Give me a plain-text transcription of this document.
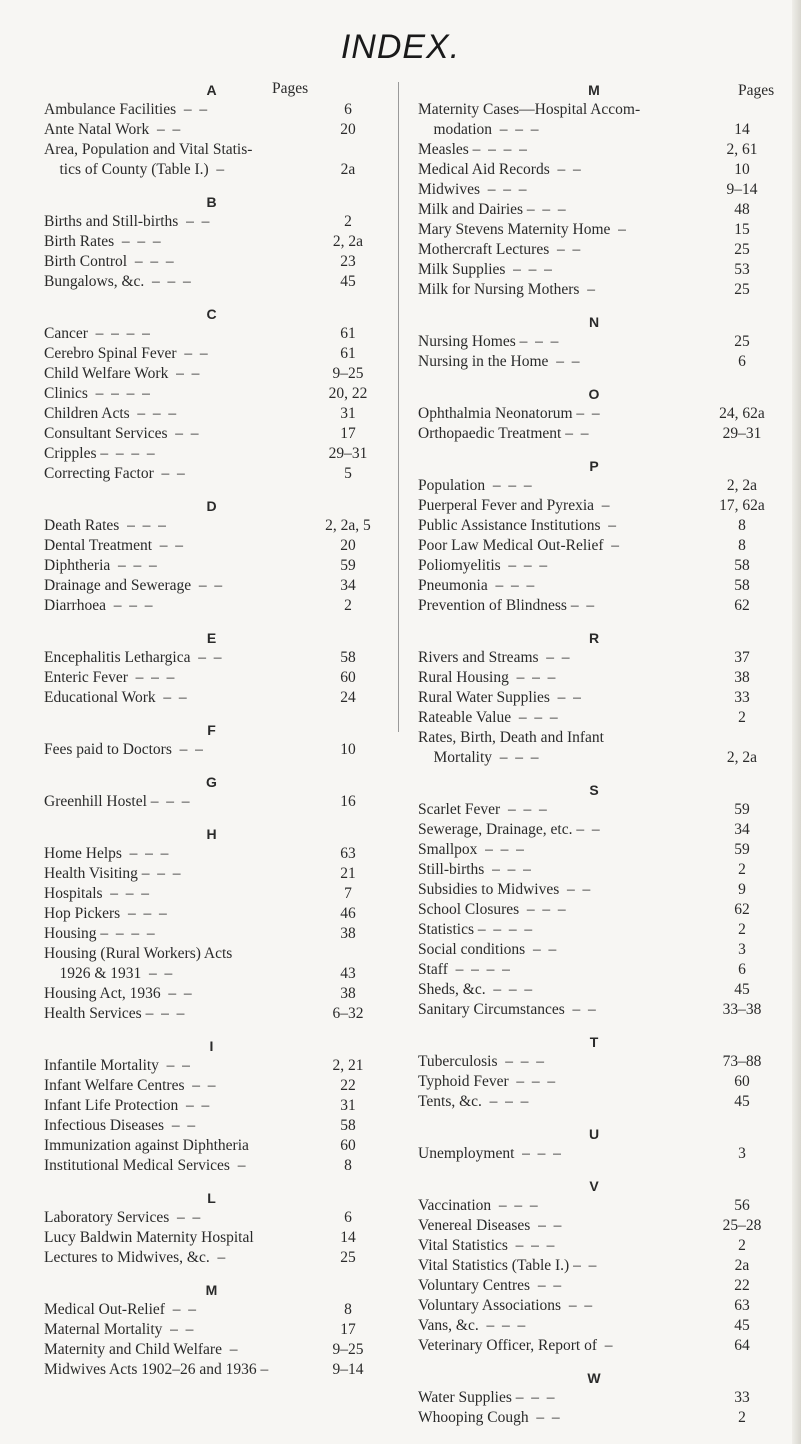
INDEX.
Pages	Pages
A
Ambulance Facilities  –  –	6
Ante Natal Work  –  –	20
Area, Population and Vital Statis-
tics of County (Table I.)  –	2a
B
Births and Still-births  –  –	2
Birth Rates  –  –  –	2, 2a
Birth Control  –  –  –	23
Bungalows, &c.  –  –  –	45
C
Cancer  –  –  –  –	61
Cerebro Spinal Fever  –  –	61
Child Welfare Work  –  –	9–25
Clinics  –  –  –  –	20, 22
Children Acts  –  –  –	31
Consultant Services  –  –	17
Cripples –  –  –  –	29–31
Correcting Factor  –  –	5
D
Death Rates  –  –  –	2, 2a, 5
Dental Treatment  –  –	20
Diphtheria  –  –  –	59
Drainage and Sewerage  –  –	34
Diarrhoea  –  –  –	2
E
Encephalitis Lethargica  –  –	58
Enteric Fever  –  –  –	60
Educational Work  –  –	24
F
Fees paid to Doctors  –  –	10
G
Greenhill Hostel –  –  –	16
H
Home Helps  –  –  –	63
Health Visiting –  –  –	21
Hospitals  –  –  –	7
Hop Pickers  –  –  –	46
Housing –  –  –  –	38
Housing (Rural Workers) Acts
1926 & 1931  –  –	43
Housing Act, 1936  –  –	38
Health Services –  –  –	6–32
I
Infantile Mortality  –  –	2, 21
Infant Welfare Centres  –  –	22
Infant Life Protection  –  –	31
Infectious Diseases  –  –	58
Immunization against Diphtheria	60
Institutional Medical Services  –	8
L
Laboratory Services  –  –	6
Lucy Baldwin Maternity Hospital	14
Lectures to Midwives, &c.  –	25
M
Medical Out-Relief  –  –	8
Maternal Mortality  –  –	17
Maternity and Child Welfare  –	9–25
Midwives Acts 1902–26 and 1936 –	9–14
M
Maternity Cases—Hospital Accom-
modation  –  –  –	14
Measles –  –  –  –	2, 61
Medical Aid Records  –  –	10
Midwives  –  –  –	9–14
Milk and Dairies –  –  –	48
Mary Stevens Maternity Home  –	15
Mothercraft Lectures  –  –	25
Milk Supplies  –  –  –	53
Milk for Nursing Mothers  –	25
N
Nursing Homes –  –  –	25
Nursing in the Home  –  –	6
O
Ophthalmia Neonatorum –  –	24, 62a
Orthopaedic Treatment –  –	29–31
P
Population  –  –  –	2, 2a
Puerperal Fever and Pyrexia  –	17, 62a
Public Assistance Institutions  –	8
Poor Law Medical Out-Relief  –	8
Poliomyelitis  –  –  –	58
Pneumonia  –  –  –	58
Prevention of Blindness –  –	62
R
Rivers and Streams  –  –	37
Rural Housing  –  –  –	38
Rural Water Supplies  –  –	33
Rateable Value  –  –  –	2
Rates, Birth, Death and Infant
Mortality  –  –  –	2, 2a
S
Scarlet Fever  –  –  –	59
Sewerage, Drainage, etc. –  –	34
Smallpox  –  –  –	59
Still-births  –  –  –	2
Subsidies to Midwives  –  –	9
School Closures  –  –  –	62
Statistics –  –  –  –	2
Social conditions  –  –	3
Staff  –  –  –  –	6
Sheds, &c.  –  –  –	45
Sanitary Circumstances  –  –	33–38
T
Tuberculosis  –  –  –	73–88
Typhoid Fever  –  –  –	60
Tents, &c.  –  –  –	45
U
Unemployment  –  –  –	3
V
Vaccination  –  –  –	56
Venereal Diseases  –  –	25–28
Vital Statistics  –  –  –	2
Vital Statistics (Table I.) –  –	2a
Voluntary Centres  –  –	22
Voluntary Associations  –  –	63
Vans, &c.  –  –  –	45
Veterinary Officer, Report of  –	64
W
Water Supplies –  –  –	33
Whooping Cough  –  –	2
